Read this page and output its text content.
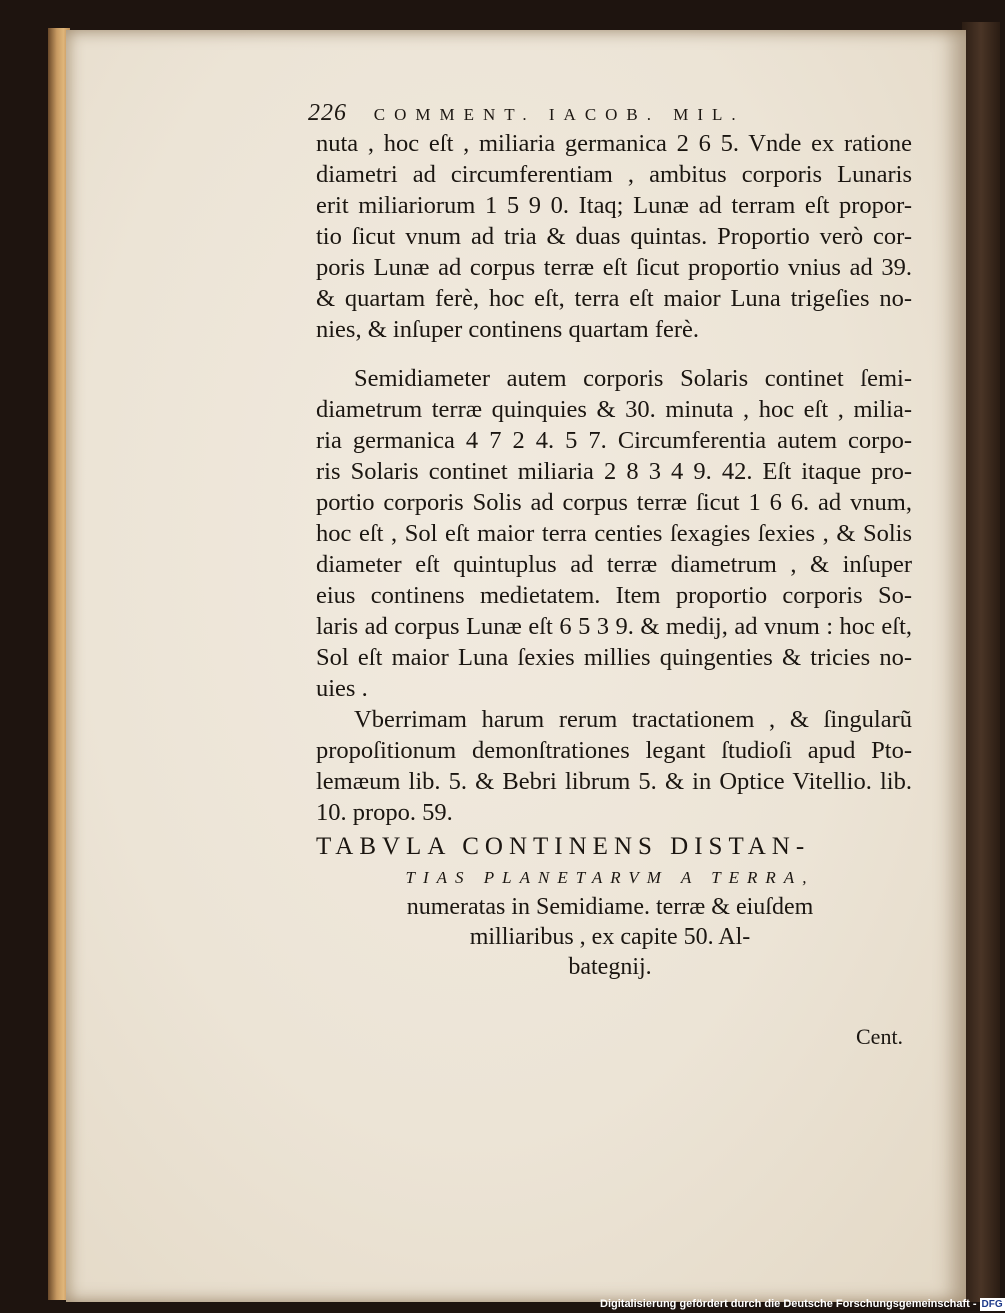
226 COMMENT. IACOB. MIL.
nuta , hoc eſt , miliaria germanica 2 6 5. Vnde ex ratione
diametri ad circumferentiam , ambitus corporis Lunaris
erit miliariorum 1 5 9 0. Itaq; Lunæ ad terram eſt propor-
tio ſicut vnum ad tria & duas quintas. Proportio verò cor-
poris Lunæ ad corpus terræ eſt ſicut proportio vnius ad 39.
& quartam ferè, hoc eſt, terra eſt maior Luna trigeſies no-
nies, & inſuper continens quartam ferè.
Semidiameter autem corporis Solaris continet ſemi-
diametrum terræ quinquies & 30. minuta , hoc eſt , milia-
ria germanica 4 7 2 4. 5 7. Circumferentia autem corpo-
ris Solaris continet miliaria 2 8 3 4 9. 42. Eſt itaque pro-
portio corporis Solis ad corpus terræ ſicut 1 6 6. ad vnum,
hoc eſt , Sol eſt maior terra centies ſexagies ſexies , & Solis
diameter eſt quintuplus ad terræ diametrum , & inſuper
eius continens medietatem. Item proportio corporis So-
laris ad corpus Lunæ eſt 6 5 3 9. & medij, ad vnum : hoc eſt,
Sol eſt maior Luna ſexies millies quingenties & tricies no-
uies .
Vberrimam harum rerum tractationem , & ſingularũ
propoſitionum demonſtrationes legant ſtudioſi apud Pto-
lemæum lib. 5. & Bebri librum 5. & in Optice Vitellio. lib.
10. propo. 59.
TABVLA CONTINENS DISTAN-
TIAS PLANETARVM A TERRA,
numeratas in Semidiame. terræ & eiuſdem
milliaribus , ex capite 50. Al-
bategnij.
Cent.
Digitalisierung gefördert durch die Deutsche Forschungsgemeinschaft - DFG
